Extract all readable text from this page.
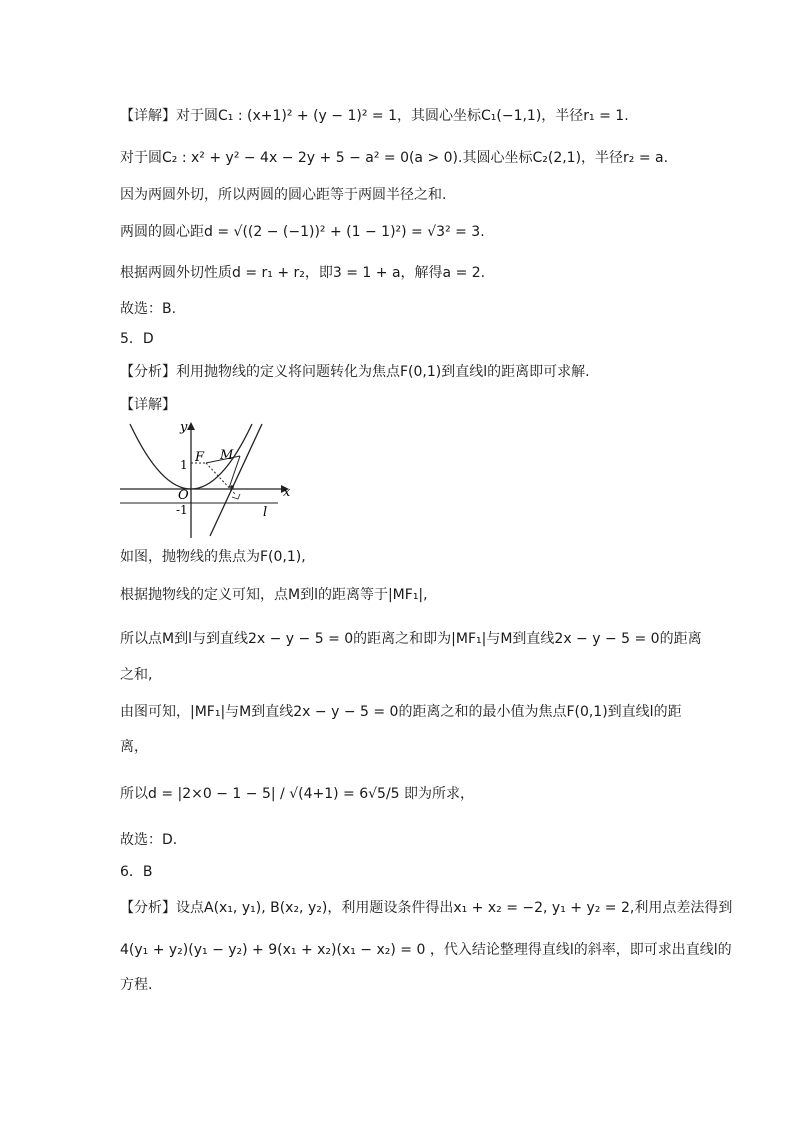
【详解】对于圆C₁ : (x+1)² + (y − 1)² = 1，其圆心坐标C₁(−1,1)，半径r₁ = 1.
对于圆C₂ : x² + y² − 4x − 2y + 5 − a² = 0(a > 0).其圆心坐标C₂(2,1)，半径r₂ = a.
因为两圆外切，所以两圆的圆心距等于两圆半径之和.
两圆的圆心距d = √((2 − (−1))² + (1 − 1)²) = √3² = 3.
根据两圆外切性质d = r₁ + r₂，即3 = 1 + a，解得a = 2.
故选：B.
5．D
【分析】利用抛物线的定义将问题转化为焦点F(0,1)到直线l的距离即可求解.
【详解】
y
x
O
1
-1
F M
l
如图，抛物线的焦点为F(0,1),
根据抛物线的定义可知，点M到l的距离等于|MF₁|,
所以点M到l与到直线2x − y − 5 = 0的距离之和即为|MF₁|与M到直线2x − y − 5 = 0的距离
之和,
由图可知，|MF₁|与M到直线2x − y − 5 = 0的距离之和的最小值为焦点F(0,1)到直线l的距
离，
所以d = |2×0 − 1 − 5| / √(4+1) = 6√5/5 即为所求，
故选：D.
6．B
【分析】设点A(x₁, y₁), B(x₂, y₂)，利用题设条件得出x₁ + x₂ = −2, y₁ + y₂ = 2,利用点差法得到
4(y₁ + y₂)(y₁ − y₂) + 9(x₁ + x₂)(x₁ − x₂) = 0 ，代入结论整理得直线l的斜率，即可求出直线l的
方程.
